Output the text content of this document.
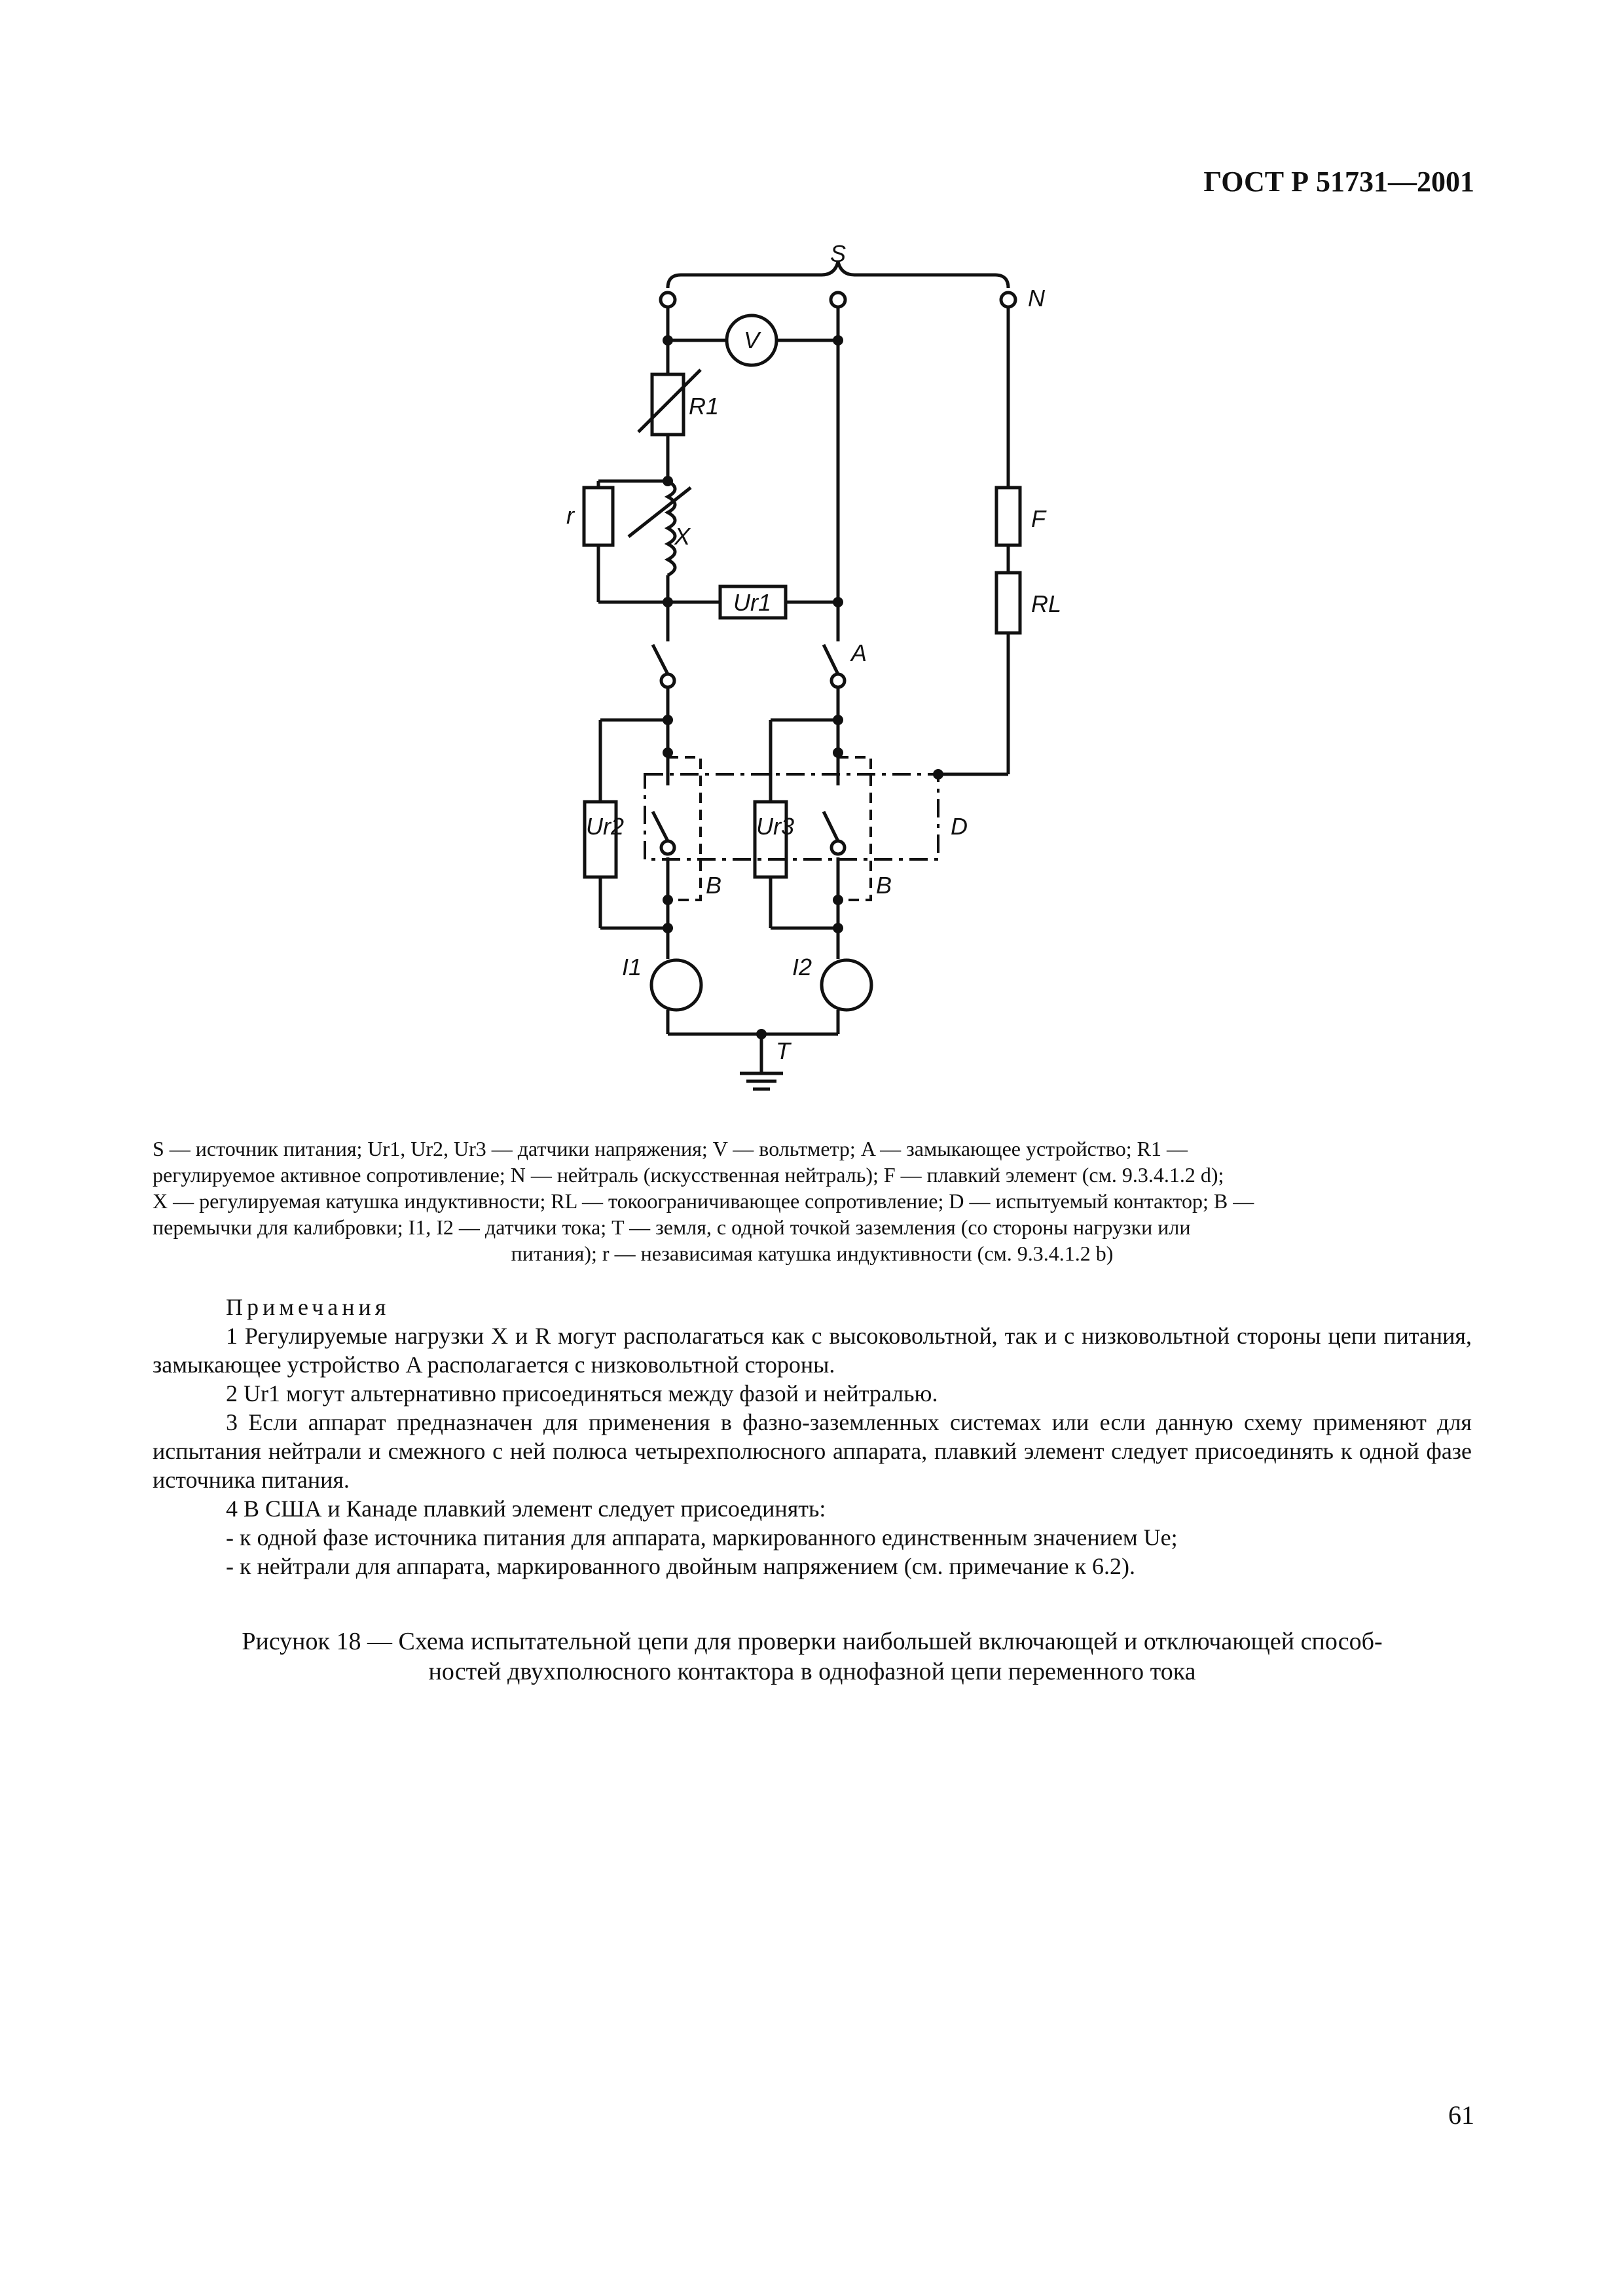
ГОСТ Р 51731—2001
S
N
V
R1
r
X
Ur1
F
RL
A
Ur2	Ur3	D
B	B
I1	I2
T

S — источник питания; Ur1, Ur2, Ur3 — датчики напряжения; V — вольтметр; A — замыкающее устройство; R1 —

регулируемое активное сопротивление; N — нейтраль (искусственная нейтраль); F — плавкий элемент (см. 9.3.4.1.2 d);

X — регулируемая катушка индуктивности; RL — токоограничивающее сопротивление; D — испытуемый контактор; B —

перемычки для калибровки; I1, I2 — датчики тока; T — земля, с одной точкой заземления (со стороны нагрузки или

питания); r — независимая катушка индуктивности (см. 9.3.4.1.2 b)

Примечания

1 Регулируемые нагрузки X и R могут располагаться как с высоковольтной, так и с низковольтной стороны цепи питания, замыкающее устройство A располагается с низковольтной стороны.

2 Ur1 могут альтернативно присоединяться между фазой и нейтралью.

3 Если аппарат предназначен для применения в фазно-заземленных системах или если данную схему применяют для испытания нейтрали и смежного с ней полюса четырехполюсного аппарата, плавкий элемент следует присоединять к одной фазе источника питания.

4 В США и Канаде плавкий элемент следует присоединять:

- к одной фазе источника питания для аппарата, маркированного единственным значением Ue;

- к нейтрали для аппарата, маркированного двойным напряжением (см. примечание к 6.2).

Рисунок 18 — Схема испытательной цепи для проверки наибольшей включающей и отключающей способ-

ностей двухполюсного контактора в однофазной цепи переменного тока

61
